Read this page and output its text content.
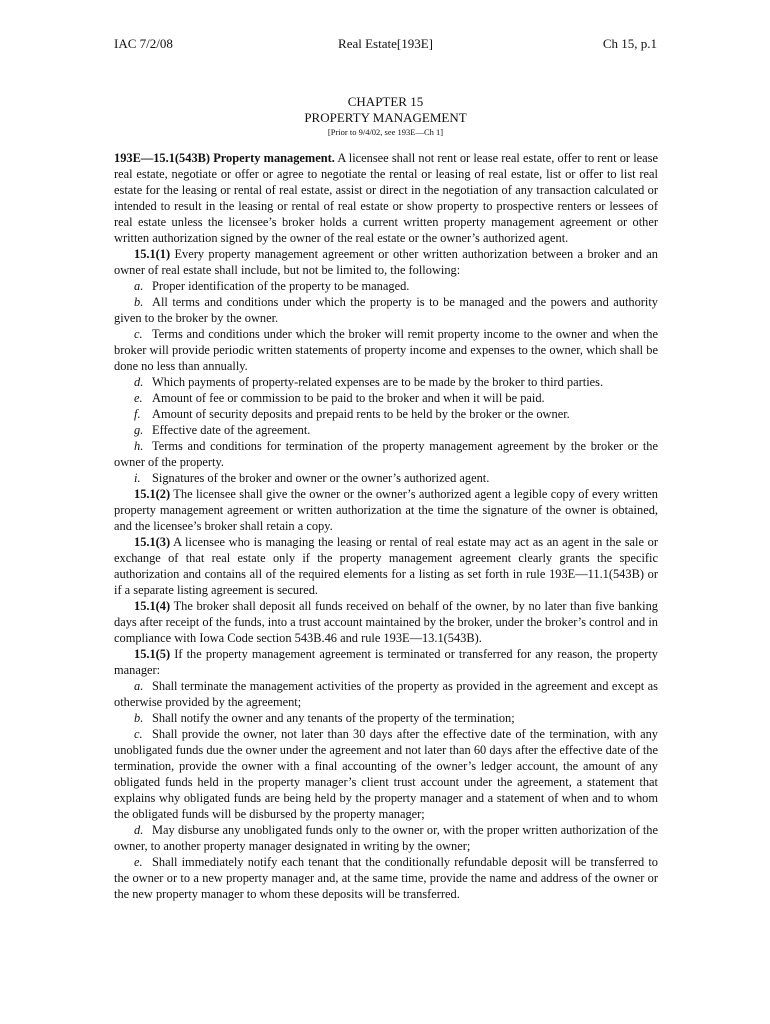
IAC 7/2/08	Real Estate[193E]	Ch 15, p.1
CHAPTER 15
PROPERTY MANAGEMENT
[Prior to 9/4/02, see 193E—Ch 1]

193E—15.1(543B) Property management. A licensee shall not rent or lease real estate, offer to rent or lease real estate, negotiate or offer or agree to negotiate the rental or leasing of real estate, list or offer to list real estate for the leasing or rental of real estate, assist or direct in the negotiation of any transaction calculated or intended to result in the leasing or rental of real estate or show property to prospective renters or lessees of real estate unless the licensee’s broker holds a current written property management agreement or other written authorization signed by the owner of the real estate or the owner’s authorized agent.

15.1(1) Every property management agreement or other written authorization between a broker and an owner of real estate shall include, but not be limited to, the following:

a. Proper identification of the property to be managed.

b. All terms and conditions under which the property is to be managed and the powers and authority given to the broker by the owner.

c. Terms and conditions under which the broker will remit property income to the owner and when the broker will provide periodic written statements of property income and expenses to the owner, which shall be done no less than annually.

d. Which payments of property-related expenses are to be made by the broker to third parties.

e. Amount of fee or commission to be paid to the broker and when it will be paid.

f. Amount of security deposits and prepaid rents to be held by the broker or the owner.

g. Effective date of the agreement.

h. Terms and conditions for termination of the property management agreement by the broker or the owner of the property.

i. Signatures of the broker and owner or the owner’s authorized agent.

15.1(2) The licensee shall give the owner or the owner’s authorized agent a legible copy of every written property management agreement or written authorization at the time the signature of the owner is obtained, and the licensee’s broker shall retain a copy.

15.1(3) A licensee who is managing the leasing or rental of real estate may act as an agent in the sale or exchange of that real estate only if the property management agreement clearly grants the specific authorization and contains all of the required elements for a listing as set forth in rule 193E—11.1(543B) or if a separate listing agreement is secured.

15.1(4) The broker shall deposit all funds received on behalf of the owner, by no later than five banking days after receipt of the funds, into a trust account maintained by the broker, under the broker’s control and in compliance with Iowa Code section 543B.46 and rule 193E—13.1(543B).

15.1(5) If the property management agreement is terminated or transferred for any reason, the property manager:

a. Shall terminate the management activities of the property as provided in the agreement and except as otherwise provided by the agreement;

b. Shall notify the owner and any tenants of the property of the termination;

c. Shall provide the owner, not later than 30 days after the effective date of the termination, with any unobligated funds due the owner under the agreement and not later than 60 days after the effective date of the termination, provide the owner with a final accounting of the owner’s ledger account, the amount of any obligated funds held in the property manager’s client trust account under the agreement, a statement that explains why obligated funds are being held by the property manager and a statement of when and to whom the obligated funds will be disbursed by the property manager;

d. May disburse any unobligated funds only to the owner or, with the proper written authorization of the owner, to another property manager designated in writing by the owner;

e. Shall immediately notify each tenant that the conditionally refundable deposit will be transferred to the owner or to a new property manager and, at the same time, provide the name and address of the owner or the new property manager to whom these deposits will be transferred.
